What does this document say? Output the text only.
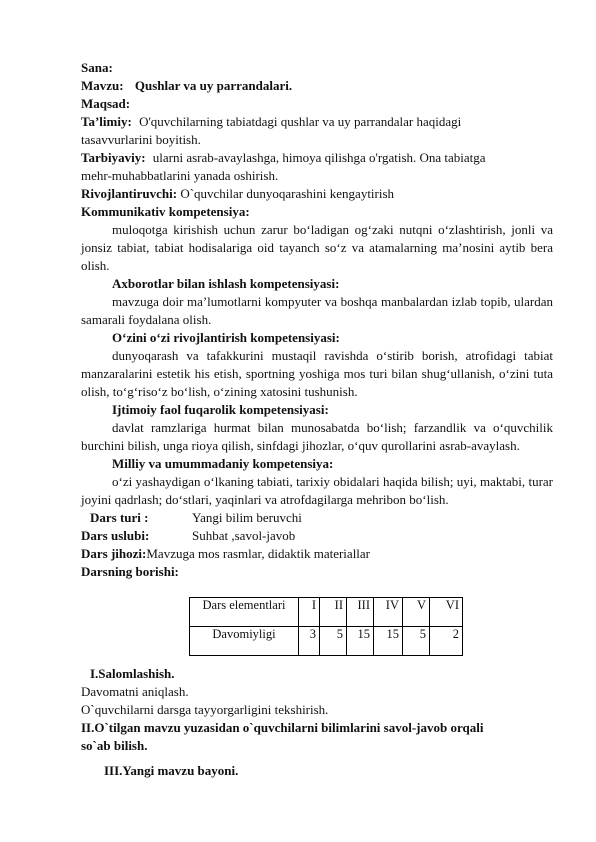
Sana:
Mavzu: Qushlar va uy parrandalari.
Maqsad:
Ta’limiy: O'quvchilarning tabiatdagi qushlar va uy parrandalar haqidagi
tasavvurlarini boyitish.
Tarbiyaviy: ularni asrab-avaylashga, himoya qilishga o'rgatish. Ona tabiatga
mehr-muhabbatlarini yanada oshirish.
Rivojlantiruvchi: O`quvchilar dunyoqarashini kengaytirish
Kommunikativ kompetensiya:
muloqotga kirishish uchun zarur bo‘ladigan og‘zaki nutqni o‘zlashtirish, jonli va jonsiz tabiat, tabiat hodisalariga oid tayanch so‘z va atamalarning ma’nosini aytib bera olish.
Axborotlar bilan ishlash kompetensiyasi:
mavzuga doir ma’lumotlarni kompyuter va boshqa manbalardan izlab topib, ulardan samarali foydalana olish.
O‘zini o‘zi rivojlantirish kompetensiyasi:
dunyoqarash va tafakkurini mustaqil ravishda o‘stirib borish, atrofidagi tabiat manzaralarini estetik his etish, sportning yoshiga mos turi bilan shug‘ullanish, o‘zini tuta olish, to‘g‘riso‘z bo‘lish, o‘zining xatosini tushunish.
Ijtimoiy faol fuqarolik kompetensiyasi:
davlat ramzlariga hurmat bilan munosabatda bo‘lish; farzandlik va o‘quvchilik burchini bilish, unga rioya qilish, sinfdagi jihozlar, o‘quv qurollarini asrab-avaylash.
Milliy va umummadaniy kompetensiya:
o‘zi yashaydigan o‘lkaning tabiati, tarixiy obidalari haqida bilish; uyi, maktabi, turar joyini qadrlash; do‘stlari, yaqinlari va atrofdagilarga mehribon bo‘lish.
Dars turi :	Yangi bilim beruvchi
Dars uslubi:	Suhbat ,savol-javob
Dars jihozi:Mavzuga mos rasmlar, didaktik materiallar
Darsning borishi:
Dars elementlari	I	II	III	IV	V	VI
Davomiyligi	3	5	15	15	5	2
I.Salomlashish.
Davomatni aniqlash.
O`quvchilarni darsga tayyorgarligini tekshirish.
II.O`tilgan mavzu yuzasidan o`quvchilarni bilimlarini savol-javob orqali
so`ab bilish.
III.Yangi mavzu bayoni.
